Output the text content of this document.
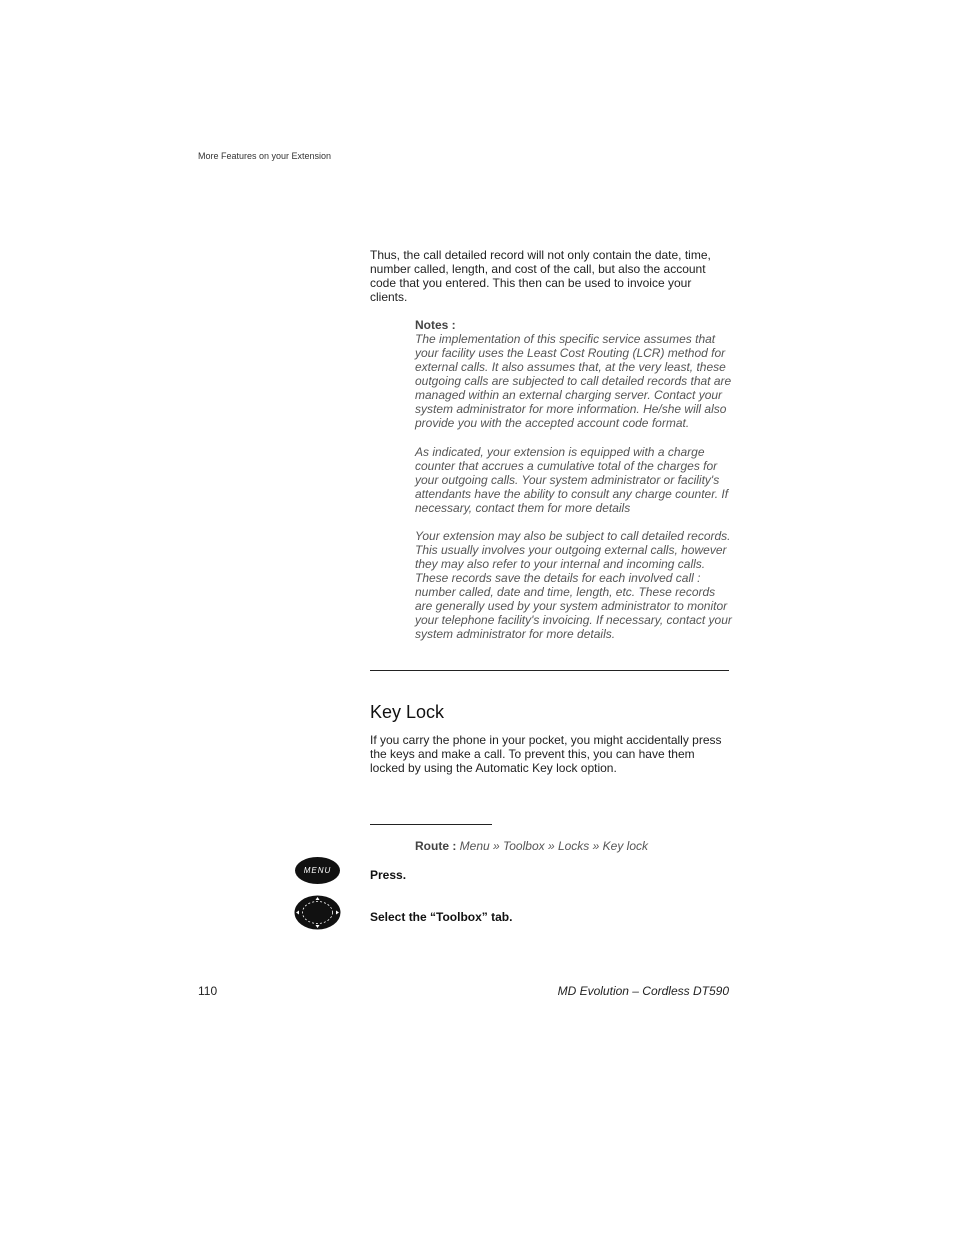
More Features on your Extension
Thus, the call detailed record will not only contain the date, time, number called, length, and cost of the call, but also the account code that you entered. This then can be used to invoice your clients.
Notes :
The implementation of this specific service assumes that your facility uses the Least Cost Routing (LCR) method for external calls. It also assumes that, at the very least, these outgoing calls are subjected to call detailed records that are managed within an external charging server. Contact your system administrator for more information. He/she will also provide you with the accepted account code format.
As indicated, your extension is equipped with a charge counter that accrues a cumulative total of the charges for your outgoing calls. Your system administrator or facility's attendants have the ability to consult any charge counter. If necessary, contact them for more details
Your extension may also be subject to call detailed records. This usually involves your outgoing external calls, however they may also refer to your internal and incoming calls. These records save the details for each involved call : number called, date and time, length, etc. These records are generally used by your system administrator to monitor your telephone facility's invoicing. If necessary, contact your system administrator for more details.
Key Lock
If you carry the phone in your pocket, you might accidentally press the keys and make a call. To prevent this, you can have them locked by using the Automatic Key lock option.
Route : Menu » Toolbox » Locks » Key lock
MENU	Press.
Select the “Toolbox” tab.
110	MD Evolution – Cordless DT590
